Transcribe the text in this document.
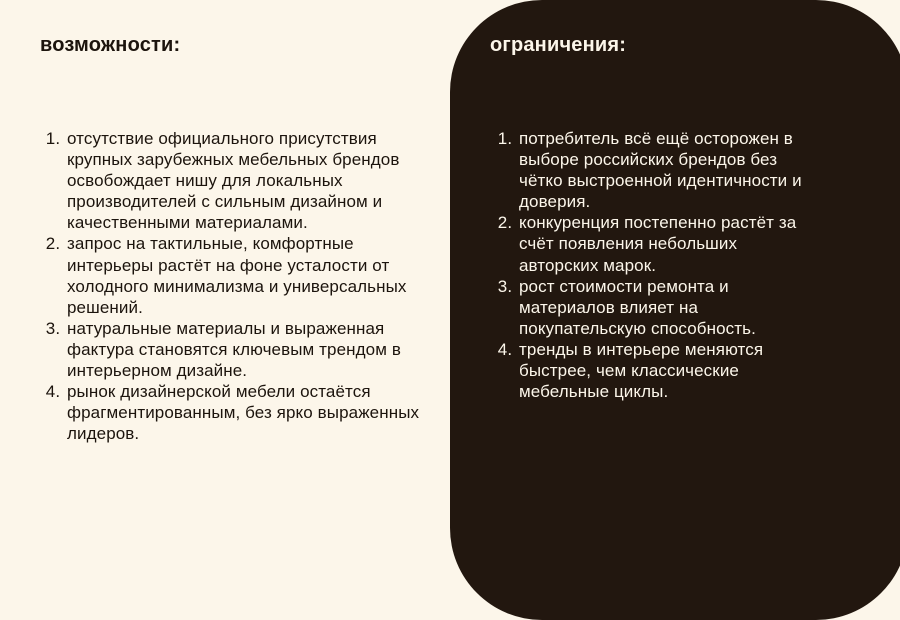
возможности:
1. отсутствие официального присутствия крупных зарубежных мебельных брендов освобождает нишу для локальных производителей с сильным дизайном и качественными материалами.
2. запрос на тактильные, комфортные интерьеры растёт на фоне усталости от холодного минимализма и универсальных решений.
3. натуральные материалы и выраженная фактура становятся ключевым трендом в интерьерном дизайне.
4. рынок дизайнерской мебели остаётся фрагментированным, без ярко выраженных лидеров.
ограничения:
1. потребитель всё ещё осторожен в выборе российских брендов без чётко выстроенной идентичности и доверия.
2. конкуренция постепенно растёт за счёт появления небольших авторских марок.
3. рост стоимости ремонта и материалов влияет на покупательскую способность.
4. тренды в интерьере меняются быстрее, чем классические мебельные циклы.
